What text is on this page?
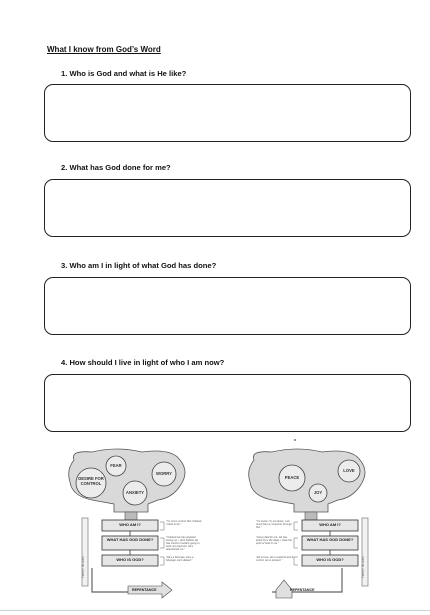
What I know from God’s Word
1. Who is God and what is He like?
2. What has God done for me?
3. Who am I in light of what God has done?
4. How should I live in light of who I am now?
DESIRE FOR CONTROL
FEAR
ANXIETY
WORRY
WHO AM I?
WHAT HAS GOD DONE?
WHO IS GOD?
"I'm not in control. But I believe I have to be."
"I believe He has stopped loving me. I dont believe He has control of what's going to work out anymore. He's abandoned me."
"He's a Stronger. He's a Stranger. He's distant."
TRUST IN GOD
REPENTANCE
PEACE
LOVE
JOY
WHO AM I?
WHAT HAS GOD DONE?
WHO IS GOD?
"I'm loved. I'm not alone. I am more than a conqueror through him."
"Jesus died for me. He has spent from the dead. I have the spirit of God in me."
"He is love. He is powerful and in control. He is present."	TRUST IN GOD
REPENTANCE
